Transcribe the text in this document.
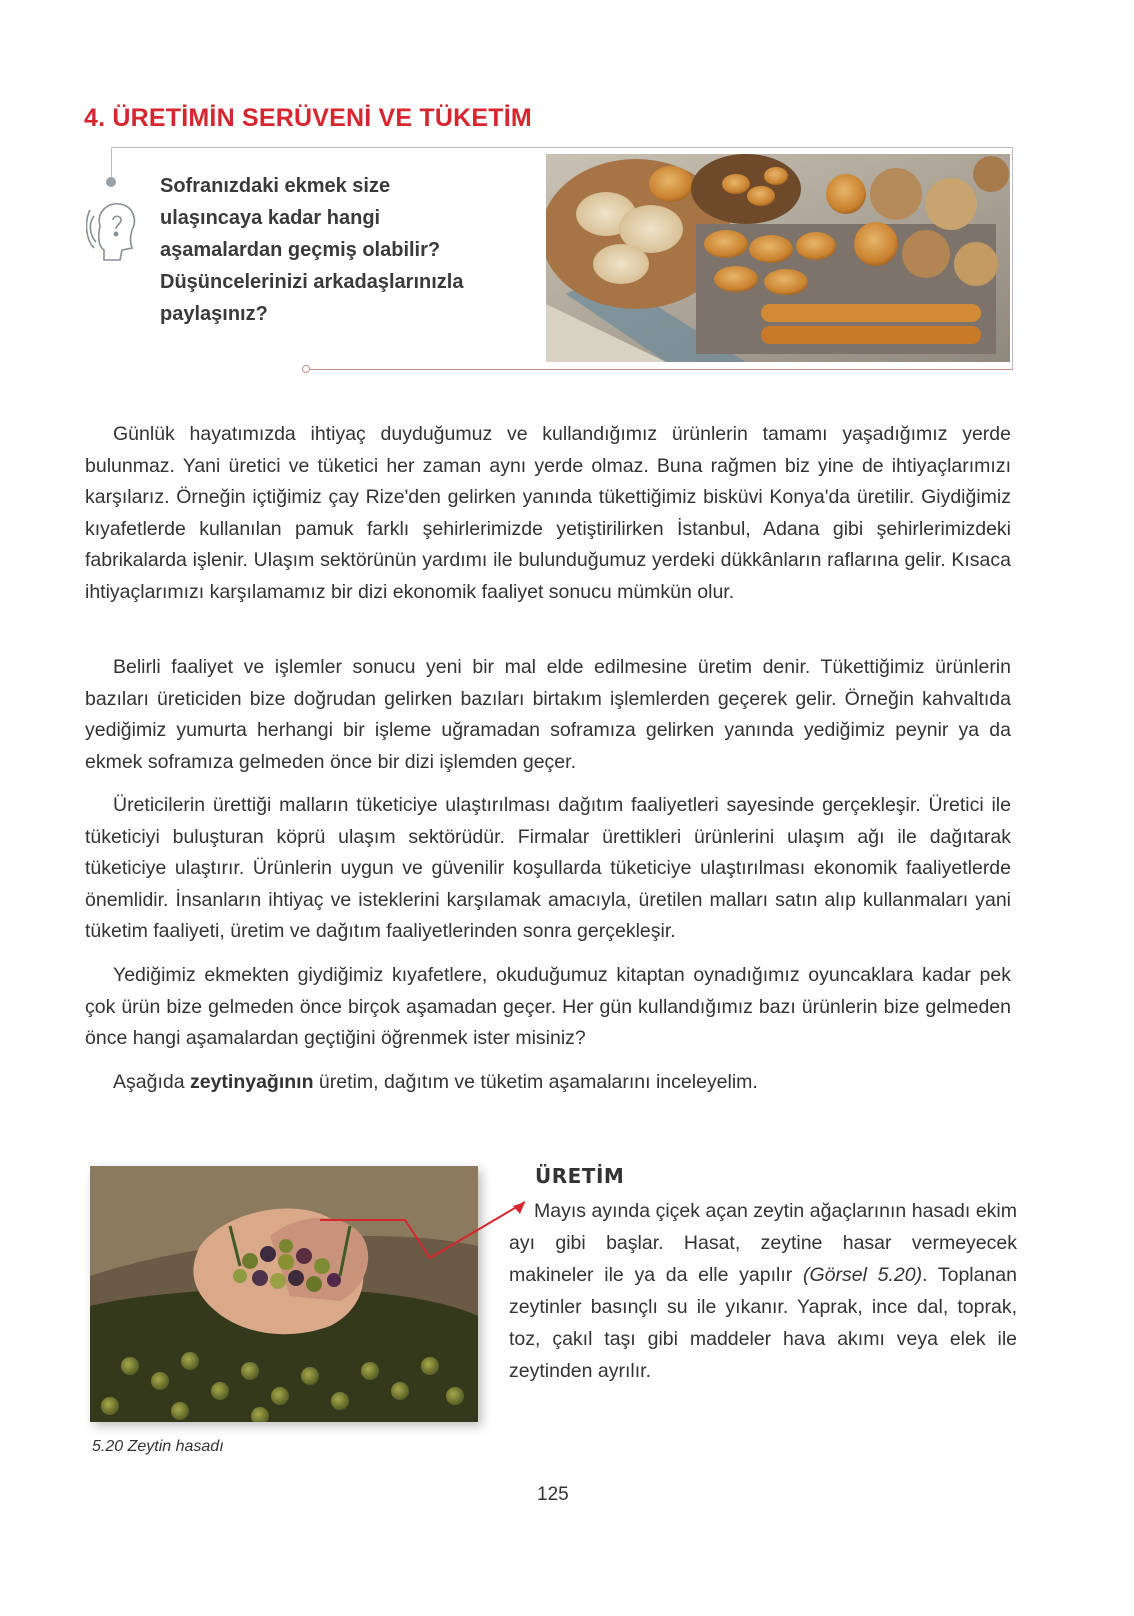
4. ÜRETİMİN SERÜVENİ VE TÜKETİM
Sofranızdaki ekmek size
ulaşıncaya kadar hangi
aşamalardan geçmiş olabilir?
Düşüncelerinizi arkadaşlarınızla
paylaşınız?

Günlük hayatımızda ihtiyaç duyduğumuz ve kullandığımız ürünlerin tamamı yaşadığımız yerde bulunmaz. Yani üretici ve tüketici her zaman aynı yerde olmaz. Buna rağmen biz yine de ihtiyaçlarımızı karşılarız. Örneğin içtiğimiz çay Rize'den gelirken yanında tükettiğimiz bisküvi Konya'da üretilir. Giydiğimiz kıyafetlerde kullanılan pamuk farklı şehirlerimizde yetiştirilirken İstanbul, Adana gibi şehirlerimizdeki fabrikalarda işlenir. Ulaşım sektörünün yardımı ile bulunduğumuz yerdeki dükkânların raflarına gelir. Kısaca ihtiyaçlarımızı karşılamamız bir dizi ekonomik faaliyet sonucu mümkün olur.

Belirli faaliyet ve işlemler sonucu yeni bir mal elde edilmesine üretim denir. Tükettiğimiz ürünlerin bazıları üreticiden bize doğrudan gelirken bazıları birtakım işlemlerden geçerek gelir. Örneğin kahvaltıda yediğimiz yumurta herhangi bir işleme uğramadan soframıza gelirken yanında yediğimiz peynir ya da ekmek soframıza gelmeden önce bir dizi işlemden geçer.

Üreticilerin ürettiği malların tüketiciye ulaştırılması dağıtım faaliyetleri sayesinde gerçekleşir. Üretici ile tüketiciyi buluşturan köprü ulaşım sektörüdür. Firmalar ürettikleri ürünlerini ulaşım ağı ile dağıtarak tüketiciye ulaştırır. Ürünlerin uygun ve güvenilir koşullarda tüketiciye ulaştırılması ekonomik faaliyetlerde önemlidir. İnsanların ihtiyaç ve isteklerini karşılamak amacıyla, üretilen malları satın alıp kullanmaları yani tüketim faaliyeti, üretim ve dağıtım faaliyetlerinden sonra gerçekleşir.

Yediğimiz ekmekten giydiğimiz kıyafetlere, okuduğumuz kitaptan oynadığımız oyuncaklara kadar pek çok ürün bize gelmeden önce birçok aşamadan geçer. Her gün kullandığımız bazı ürünlerin bize gelmeden önce hangi aşamalardan geçtiğini öğrenmek ister misiniz?

Aşağıda zeytinyağının üretim, dağıtım ve tüketim aşamalarını inceleyelim.

5.20 Zeytin hasadı
ÜRETİM

Mayıs ayında çiçek açan zeytin ağaçlarının hasadı ekim ayı gibi başlar. Hasat, zeytine hasar vermeyecek makineler ile ya da elle yapılır (Görsel 5.20). Toplanan zeytinler basınçlı su ile yıkanır. Yaprak, ince dal, toprak, toz, çakıl taşı gibi maddeler hava akımı veya elek ile zeytinden ayrılır.

125
